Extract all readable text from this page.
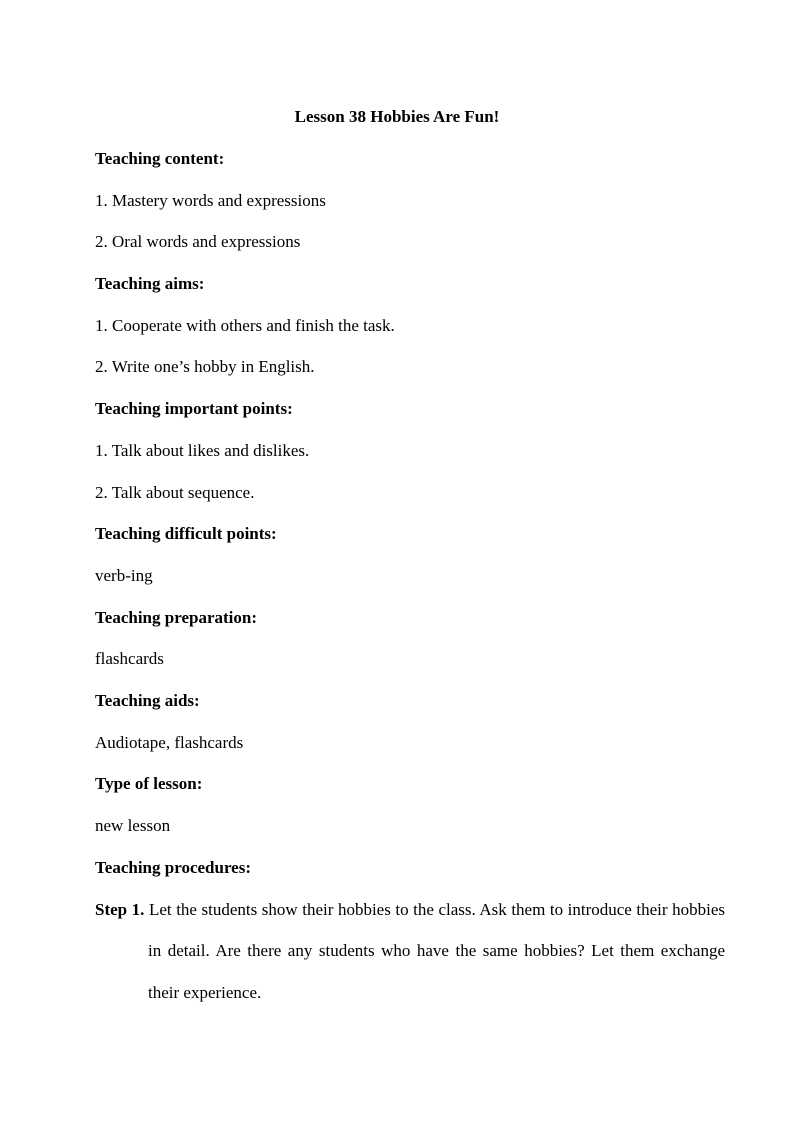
Lesson 38 Hobbies Are Fun!

Teaching content:

1. Mastery words and expressions

2. Oral words and expressions

Teaching aims:

1. Cooperate with others and finish the task.

2. Write one’s hobby in English.

Teaching important points:

1. Talk about likes and dislikes.

2. Talk about sequence.

Teaching difficult points:

verb-ing

Teaching preparation:

flashcards

Teaching aids:

Audiotape, flashcards

Type of lesson:

new lesson

Teaching procedures:

Step 1. Let the students show their hobbies to the class. Ask them to introduce their hobbies in detail. Are there any students who have the same hobbies? Let them exchange their experience.
